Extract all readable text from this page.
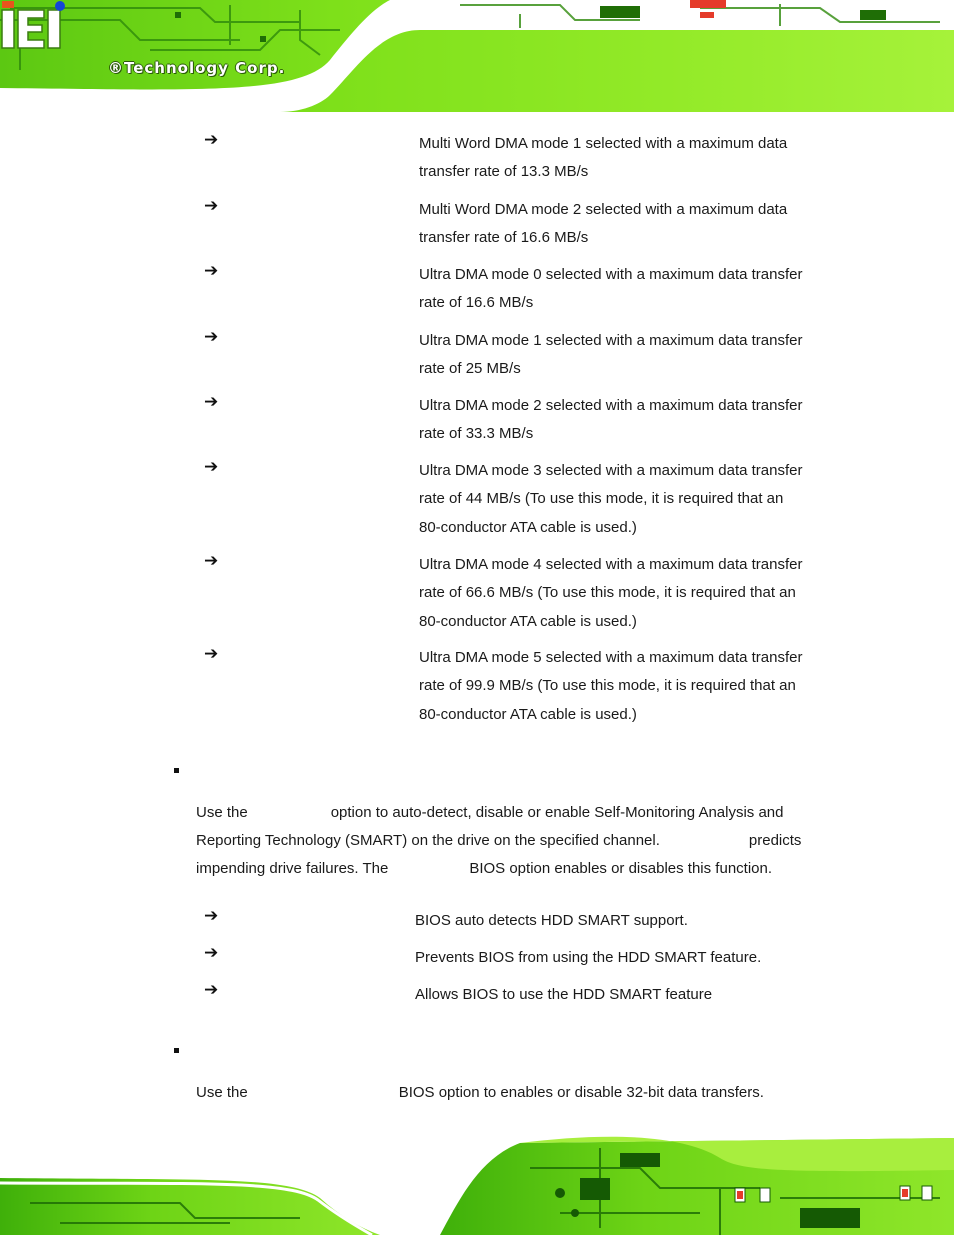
®Technology Corp.
➔	Multi Word DMA mode 1 selected with a maximum data
transfer rate of 13.3 MB/s
➔	Multi Word DMA mode 2 selected with a maximum data
transfer rate of 16.6 MB/s
➔	Ultra DMA mode 0 selected with a maximum data transfer
rate of 16.6 MB/s
➔	Ultra DMA mode 1 selected with a maximum data transfer
rate of 25 MB/s
➔	Ultra DMA mode 2 selected with a maximum data transfer
rate of 33.3 MB/s
➔	Ultra DMA mode 3 selected with a maximum data transfer
rate of 44 MB/s (To use this mode, it is required that an
80-conductor ATA cable is used.)
➔	Ultra DMA mode 4 selected with a maximum data transfer
rate of 66.6 MB/s (To use this mode, it is required that an
80-conductor ATA cable is used.)
➔	Ultra DMA mode 5 selected with a maximum data transfer
rate of 99.9 MB/s (To use this mode, it is required that an
80-conductor ATA cable is used.)
Use the	option to auto-detect, disable or enable Self-Monitoring Analysis and
Reporting Technology (SMART) on the drive on the specified channel.	predicts
impending drive failures. The	BIOS option enables or disables this function.
➔	BIOS auto detects HDD SMART support.
➔	Prevents BIOS from using the HDD SMART feature.
➔	Allows BIOS to use the HDD SMART feature
Use the	BIOS option to enables or disable 32-bit data transfers.
